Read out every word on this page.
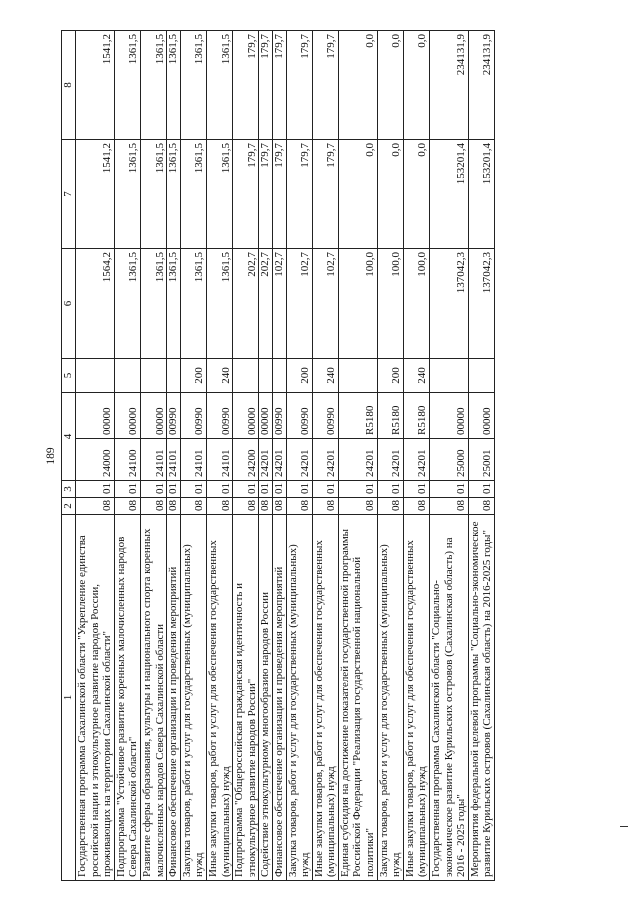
189
1	2	3	4		5	6	7	8
Государственная программа Сахалинской области "Укрепление единства российской нации и этнокультурное развитие народов России, проживающих на территории Сахалинской области"	08	01	24000	00000		1564,2	1541,2	1541,2
Подпрограмма "Устойчивое развитие коренных малочисленных народов Севера Сахалинской области"	08	01	24100	00000		1361,5	1361,5	1361,5
Развитие сферы образования, культуры и национального спорта коренных малочисленных народов Севера Сахалинской области	08	01	24101	00000		1361,5	1361,5	1361,5
Финансовое обеспечение организации и проведения мероприятий	08	01	24101	00990		1361,5	1361,5	1361,5
Закупка товаров, работ и услуг для государственных (муниципальных) нужд	08	01	24101	00990	200	1361,5	1361,5	1361,5
Иные закупки товаров, работ и услуг для обеспечения государственных (муниципальных) нужд	08	01	24101	00990	240	1361,5	1361,5	1361,5
Подпрограмма "Общероссийская гражданская идентичность и этнокультурное развитие народов России"	08	01	24200	00000		202,7	179,7	179,7
Содействие этнокультурному многообразию народов России	08	01	24201	00000		202,7	179,7	179,7
Финансовое обеспечение организации и проведения мероприятий	08	01	24201	00990		102,7	179,7	179,7
Закупка товаров, работ и услуг для государственных (муниципальных) нужд	08	01	24201	00990	200	102,7	179,7	179,7
Иные закупки товаров, работ и услуг для обеспечения государственных (муниципальных) нужд	08	01	24201	00990	240	102,7	179,7	179,7
Единая субсидия на достижение показателей государственной программы Российской Федерации "Реализация государственной национальной политики"	08	01	24201	R5180		100,0	0,0	0,0
Закупка товаров, работ и услуг для государственных (муниципальных) нужд	08	01	24201	R5180	200	100,0	0,0	0,0
Иные закупки товаров, работ и услуг для обеспечения государственных (муниципальных) нужд	08	01	24201	R5180	240	100,0	0,0	0,0
Государственная программа Сахалинской области "Социально-экономическое развитие Курильских островов (Сахалинская область) на 2016 - 2025 годы"	08	01	25000	00000		137042,3	153201,4	234131,9
Мероприятия федеральной целевой программы "Социально-экономическое развитие Курильских островов (Сахалинская область) на 2016-2025 годы"	08	01	25001	00000		137042,3	153201,4	234131,9
